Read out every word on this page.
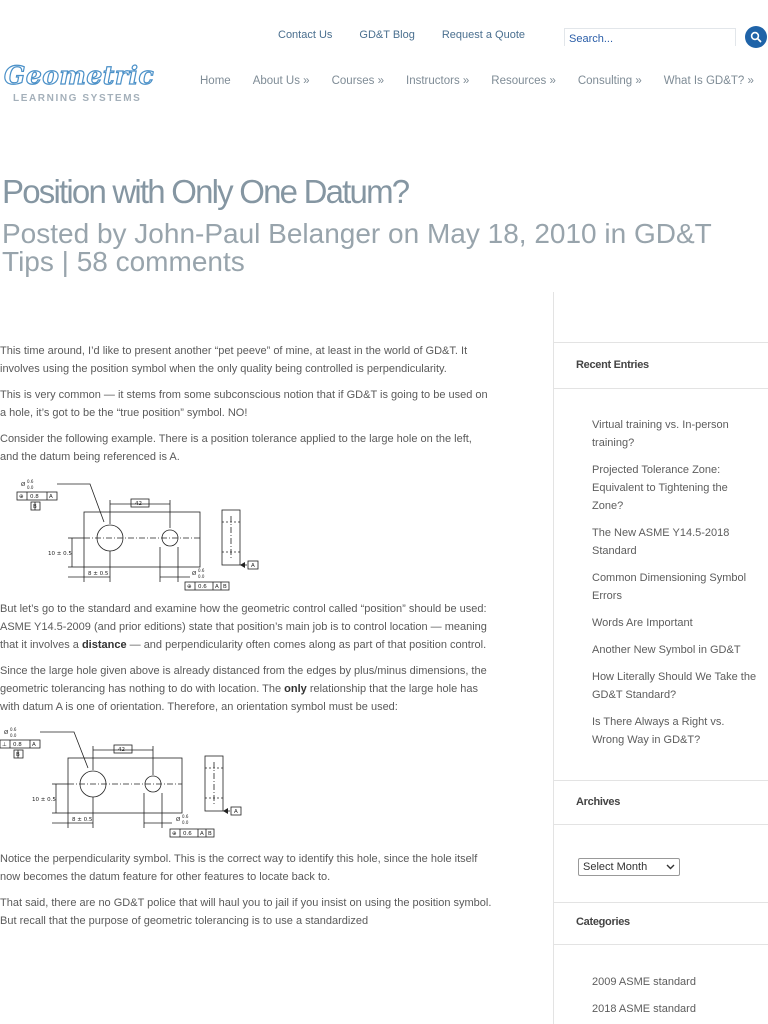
Contact Us GD&T Blog Request a Quote
Search...
Geometric
LEARNING SYSTEMS
Home About Us » Courses » Instructors » Resources » Consulting » What Is GD&T? »
Position with Only One Datum?
Posted by John-Paul Belanger on May 18, 2010 in GD&T Tips | 58 comments

This time around, I’d like to present another “pet peeve” of mine, at least in the world of GD&T. It involves using the position symbol when the only quality being controlled is perpendicularity.

This is very common — it stems from some subconscious notion that if GD&T is going to be used on a hole, it’s got to be the “true position” symbol. NO!

Consider the following example. There is a position tolerance applied to the large hole on the left, and the datum being referenced is A.

Ø
0.6
0.0
⊕ 0.8 A
B	42
10 ± 0.5
8 ± 0.5	Ø
0.6
0.0
⊕ 0.6 A B
A

But let’s go to the standard and examine how the geometric control called “position” should be used: ASME Y14.5-2009 (and prior editions) state that position’s main job is to control location — meaning that it involves a distance — and perpendicularity often comes along as part of that position control.

Since the large hole given above is already distanced from the edges by plus/minus dimensions, the geometric tolerancing has nothing to do with location. The only relationship that the large hole has with datum A is one of orientation. Therefore, an orientation symbol must be used:

Ø
0.6
0.0
⊥ 0.8 A
B
42
10 ± 0.5
8 ± 0.5	Ø
0.6
0.0
⊕ 0.6 A B
A

Notice the perpendicularity symbol. This is the correct way to identify this hole, since the hole itself now becomes the datum feature for other features to locate back to.

That said, there are no GD&T police that will haul you to jail if you insist on using the position symbol. But recall that the purpose of geometric tolerancing is to use a standardized

Recent Entries
Virtual training vs. In-person training?
Projected Tolerance Zone: Equivalent to Tightening the Zone?
The New ASME Y14.5-2018 Standard
Common Dimensioning Symbol Errors
Words Are Important
Another New Symbol in GD&T
How Literally Should We Take the GD&T Standard?
Is There Always a Right vs. Wrong Way in GD&T?
Archives
Select Month
Categories
2009 ASME standard
2018 ASME standard
